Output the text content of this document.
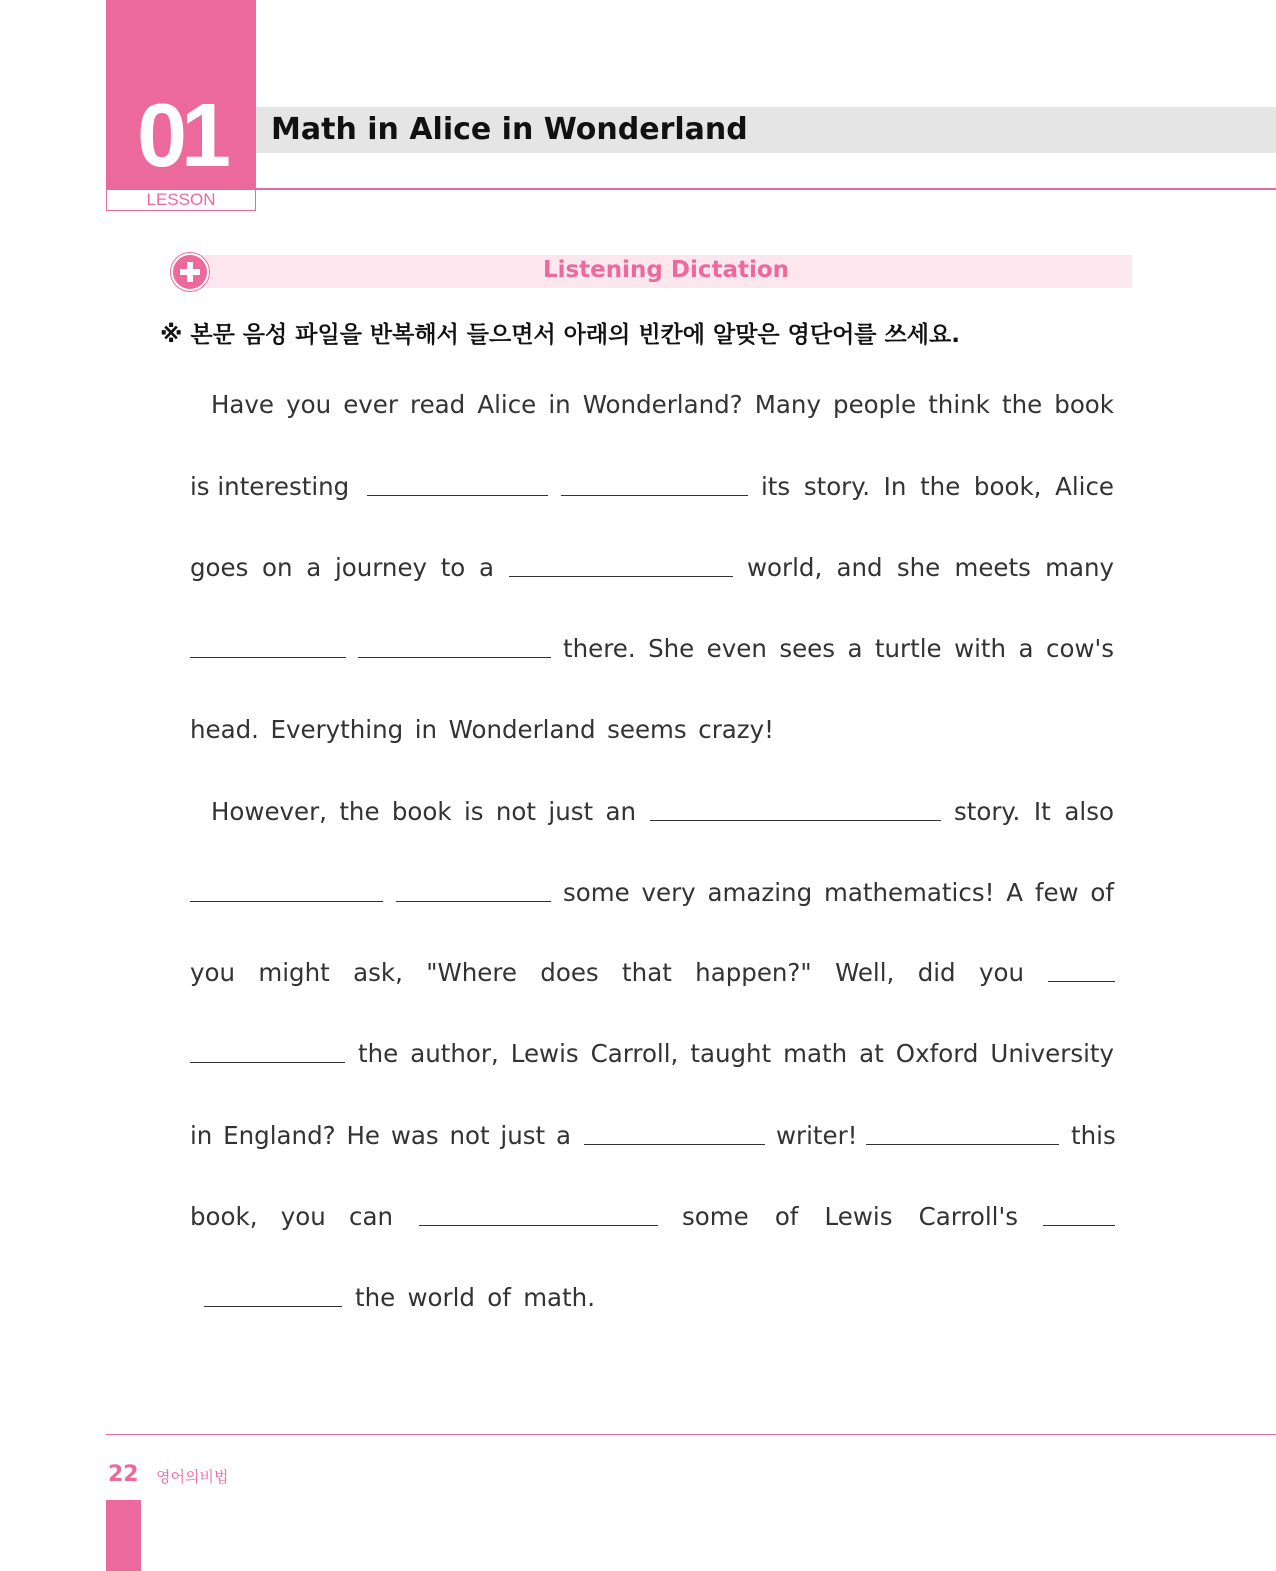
01
LESSON
Math in Alice in Wonderland
Listening Dictation
※ 본문 음성 파일을 반복해서 들으면서 아래의 빈칸에 알맞은 영단어를 쓰세요.
Have you ever read Alice in Wonderland? Many people think the book
is interesting	its story. In the book, Alice
goes on a journey to a	world, and she meets many
there. She even sees a turtle with a cow's
head. Everything in Wonderland seems crazy!
However, the book is not just an	story. It also
some very amazing mathematics! A few of
you might ask, "Where does that happen?" Well, did you
the author, Lewis Carroll, taught math at Oxford University
in England? He was not just a	writer!	this
book, you can	some of Lewis Carroll's
the world of math.
22 영어의비법
